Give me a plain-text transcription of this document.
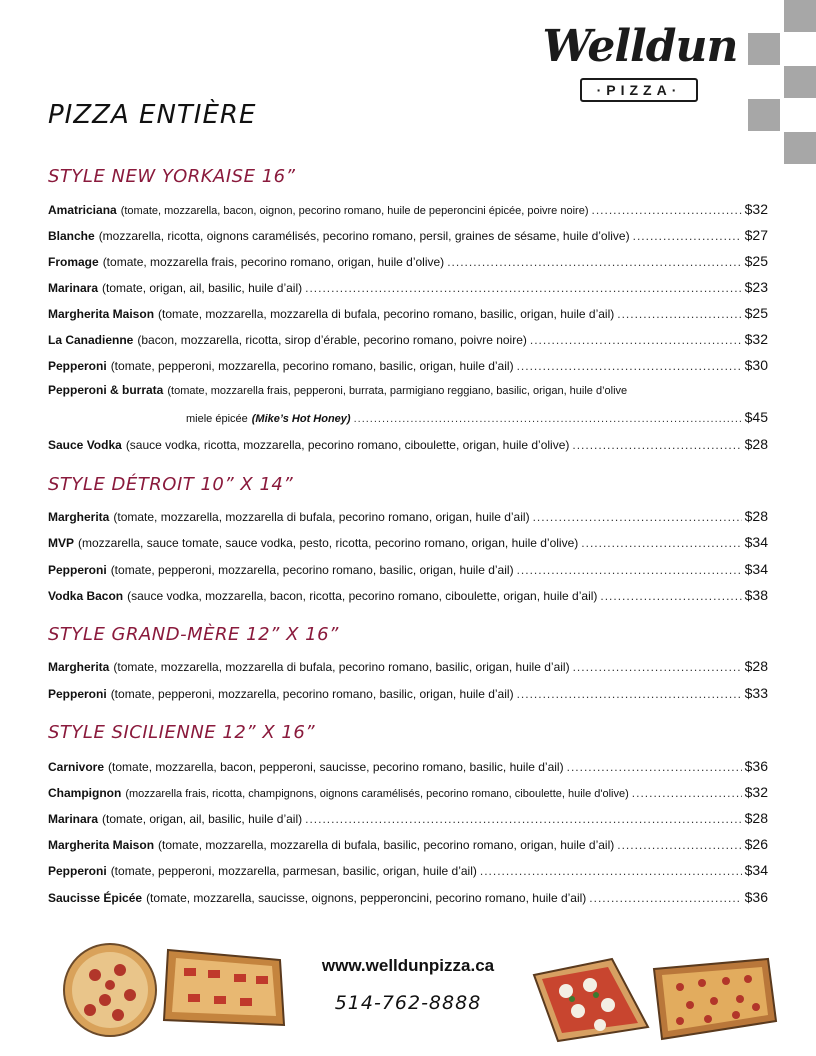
Welldun
·PIZZA·
PIZZA ENTIÈRE
STYLE NEW YORKAISE 16”
Amatriciana (tomate, mozzarella, bacon, oignon, pecorino romano, huile de peperoncini épicée, poivre noire) .....	$32
Blanche (mozzarella, ricotta, oignons caramélisés, pecorino romano, persil, graines de sésame, huile d’olive) .....	$27
Fromage (tomate, mozzarella frais, pecorino romano, origan, huile d’olive) .....	$25
Marinara (tomate, origan, ail, basilic, huile d’ail) .....	$23
Margherita Maison (tomate, mozzarella, mozzarella di bufala, pecorino romano, basilic, origan, huile d’ail) .....	$25
La Canadienne (bacon, mozzarella, ricotta, sirop d’érable, pecorino romano, poivre noire) .....	$32
Pepperoni (tomate, pepperoni, mozzarella, pecorino romano, basilic, origan, huile d’ail) .....	$30
Pepperoni & burrata (tomate, mozzarella frais, pepperoni, burrata, parmigiano reggiano, basilic, origan, huile d’olive
miele épicée (Mike’s Hot Honey) .....	$45
Sauce Vodka (sauce vodka, ricotta, mozzarella, pecorino romano, ciboulette, origan, huile d’olive) .....	$28
STYLE DÉTROIT 10” X 14”
Margherita (tomate, mozzarella, mozzarella di bufala, pecorino romano, origan, huile d’ail) .....	$28
MVP (mozzarella, sauce tomate, sauce vodka, pesto, ricotta, pecorino romano, origan, huile d’olive) .....	$34
Pepperoni (tomate, pepperoni, mozzarella, pecorino romano, basilic, origan, huile d’ail) .....	$34
Vodka Bacon (sauce vodka, mozzarella, bacon, ricotta, pecorino romano, ciboulette, origan, huile d’ail) .....	$38
STYLE GRAND-MÈRE 12” X 16”
Margherita (tomate, mozzarella, mozzarella di bufala, pecorino romano, basilic, origan, huile d’ail) .....	$28
Pepperoni (tomate, pepperoni, mozzarella, pecorino romano, basilic, origan, huile d’ail) .....	$33
STYLE SICILIENNE 12” X 16”
Carnivore (tomate, mozzarella, bacon, pepperoni, saucisse, pecorino romano, basilic, huile d’ail) .....	$36
Champignon (mozzarella frais, ricotta, champignons, oignons caramélisés, pecorino romano, ciboulette, huile d'olive) .....	$32
Marinara (tomate, origan, ail, basilic, huile d’ail) .....	$28
Margherita Maison (tomate, mozzarella, mozzarella di bufala, basilic, pecorino romano, origan, huile d’ail) .....	$26
Pepperoni (tomate, pepperoni, mozzarella, parmesan, basilic, origan, huile d’ail) .....	$34
Saucisse Épicée (tomate, mozzarella, saucisse, oignons, pepperoncini, pecorino romano, huile d’ail) .....	$36
www.welldunpizza.ca
514-762-8888
